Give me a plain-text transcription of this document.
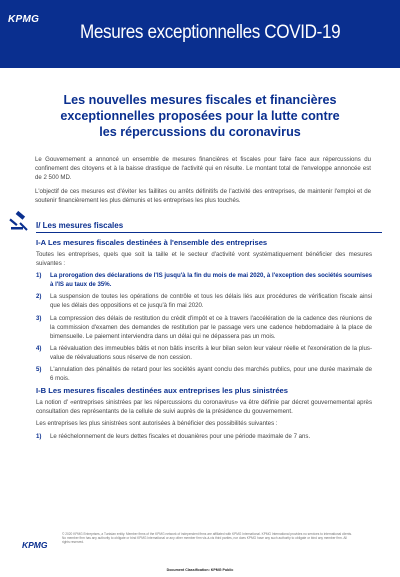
KPMG
Mesures exceptionnelles COVID-19
Les nouvelles mesures fiscales et financières
exceptionnelles proposées pour la lutte contre
les répercussions du coronavirus

Le Gouvernement a annoncé un ensemble de mesures financières et fiscales pour faire face aux répercussions du confinement des citoyens et à la baisse drastique de l'activité qui en résulte. Le montant total de l'enveloppe annoncée est de 2 500 MD.

L'objectif de ces mesures est d'éviter les faillites ou arrêts définitifs de l'activité des entreprises, de maintenir l'emploi et de soutenir financièrement les plus démunis et les entreprises les plus touchés.

I/ Les mesures fiscales
I-A Les mesures fiscales destinées à l'ensemble des entreprises

Toutes les entreprises, quels que soit la taille et le secteur d'activité vont systématiquement bénéficier des mesures suivantes :

1)	La prorogation des déclarations de l'IS jusqu'à la fin du mois de mai 2020, à l'exception des sociétés soumises à l'IS au taux de 35%.
2)	La suspension de toutes les opérations de contrôle et tous les délais liés aux procédures de vérification fiscale ainsi que les délais des oppositions et ce jusqu'à fin mai 2020.
3)	La compression des délais de restitution du crédit d'impôt et ce à travers l'accélération de la cadence des réunions de la commission d'examen des demandes de restitution par le passage vers une cadence hebdomadaire à la place de bimensuelle. Le paiement interviendra dans un délai qui ne dépassera pas un mois.
4)	La réévaluation des immeubles bâtis et non bâtis inscrits à leur bilan selon leur valeur réelle et l'exonération de la plus-value de réévaluations sous réserve de non cession.
5)	L'annulation des pénalités de retard pour les sociétés ayant conclu des marchés publics, pour une durée maximale de 6 mois.
I-B Les mesures fiscales destinées aux entreprises les plus sinistrées

La notion d' «entreprises sinistrées par les répercussions du coronavirus» va être définie par décret gouvernemental après consultation des représentants de la cellule de suivi auprès de la présidence du gouvernement.

Les entreprises les plus sinistrées sont autorisées à bénéficier des possibilités suivantes :

1)	Le rééchelonnement de leurs dettes fiscales et douanières pour une période maximale de 7 ans.
KPMG
© 2020 KPMG Entreprises, a Tunisian entity. Member firms of the KPMG network of independent firms are affiliated with KPMG International. KPMG International provides no services to international clients. No member firm has any authority to obligate or bind KPMG International or any other member firm vis-à-vis third parties, nor does KPMG have any such authority to obligate or bind any member firm. All rights reserved.
Document Classification: KPMG Public
